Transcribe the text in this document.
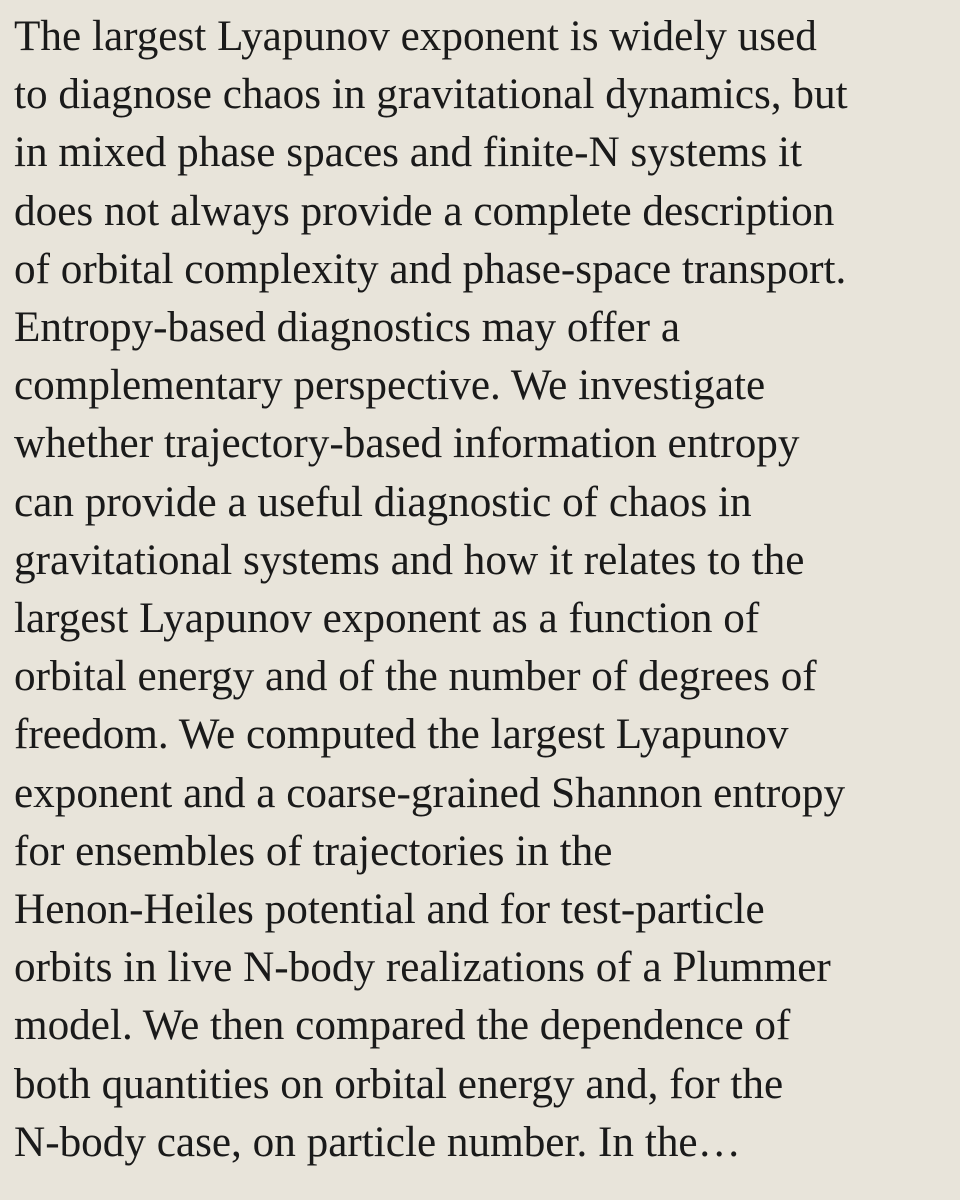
The largest Lyapunov exponent is widely used
to diagnose chaos in gravitational dynamics, but
in mixed phase spaces and finite-N systems it
does not always provide a complete description
of orbital complexity and phase-space transport.
Entropy-based diagnostics may offer a
complementary perspective. We investigate
whether trajectory-based information entropy
can provide a useful diagnostic of chaos in
gravitational systems and how it relates to the
largest Lyapunov exponent as a function of
orbital energy and of the number of degrees of
freedom. We computed the largest Lyapunov
exponent and a coarse-grained Shannon entropy
for ensembles of trajectories in the
Henon-Heiles potential and for test-particle
orbits in live N-body realizations of a Plummer
model. We then compared the dependence of
both quantities on orbital energy and, for the
N-body case, on particle number. In the…
